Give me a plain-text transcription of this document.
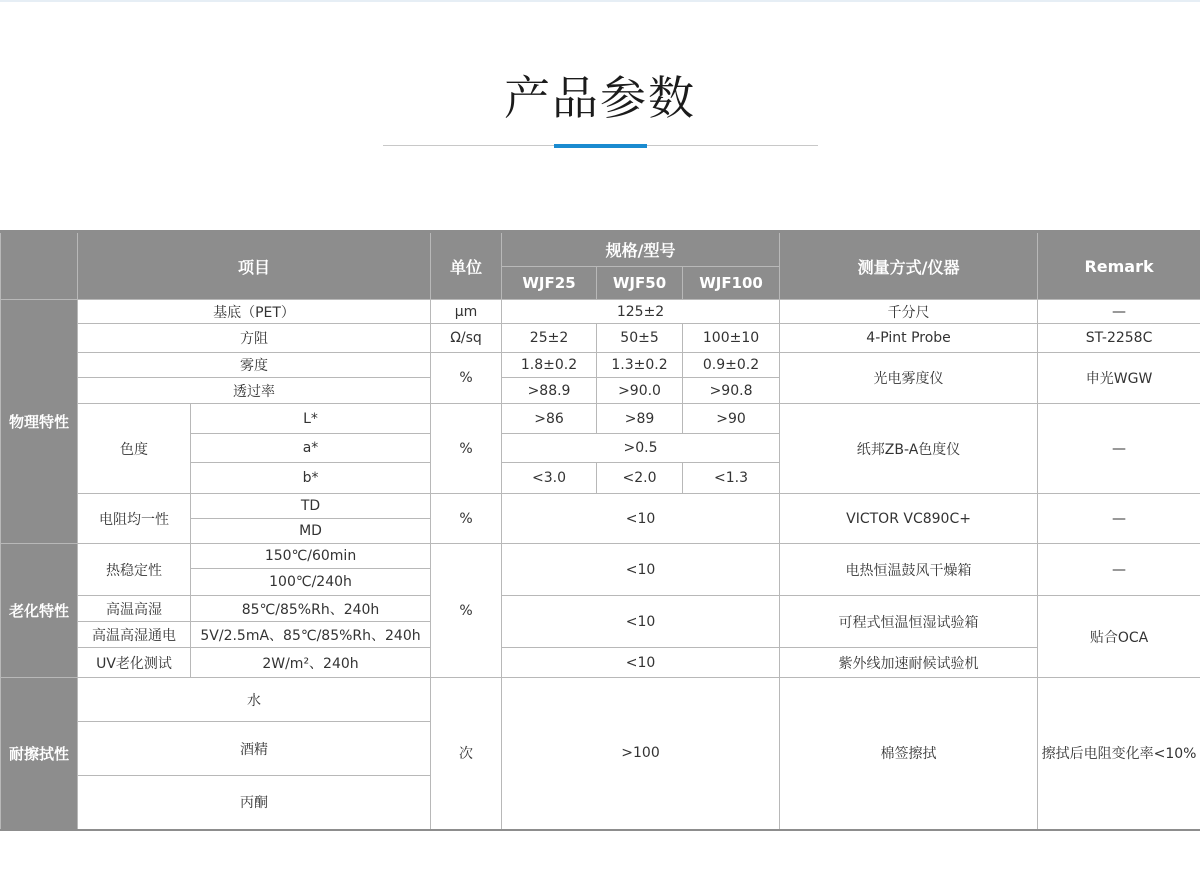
产品参数
	项目		单位	规格/型号			测量方式/仪器	Remark
				WJF25	WJF50	WJF100		
物理特性	基底（PET）		μm	125±2			千分尺	—
	方阻		Ω/sq	25±2	50±5	100±10	4-Pint Probe	ST-2258C
	雾度		%	1.8±0.2	1.3±0.2	0.9±0.2	光电雾度仪	申光WGW
	透过率			>88.9	>90.0	>90.8		
	色度	L*	%	>86	>89	>90	纸邦ZB-A色度仪	—
		a*		>0.5				
		b*		<3.0	<2.0	<1.3		
	电阻均一性	TD	%	<10			VICTOR VC890C+	—
		MD						
老化特性	热稳定性	150℃/60min	%	<10			电热恒温鼓风干燥箱	—
		100℃/240h						
	高温高湿	85℃/85%Rh、240h		<10			可程式恒温恒湿试验箱	贴合OCA
	高温高湿通电	5V/2.5mA、85℃/85%Rh、240h						
	UV老化测试	2W/m²、240h		<10			紫外线加速耐候试验机	
耐擦拭性	水		次	>100			棉签擦拭	擦拭后电阻变化率<10%
	酒精							
	丙酮							
